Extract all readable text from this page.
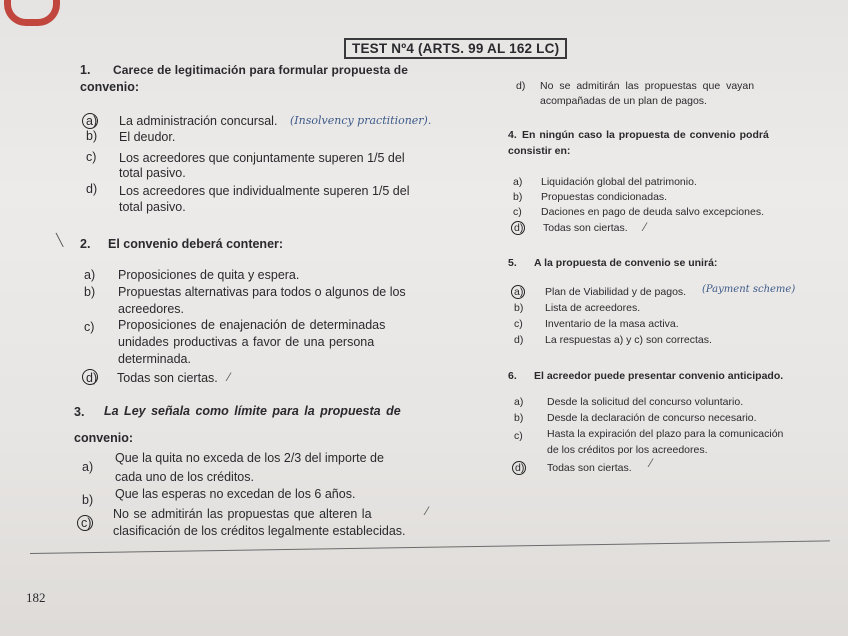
TEST Nº4 (ARTS. 99 AL 162 LC)
1. Carece de legitimación para formular propuesta de
convenio:
a) La administración concursal. (Insolvency practitioner).
b) El deudor.
c) Los acreedores que conjuntamente superen 1/5 del
total pasivo.
d) Los acreedores que individualmente superen 1/5 del
total pasivo.
╲ 2. El convenio deberá contener:
a) Proposiciones de quita y espera.
b) Propuestas alternativas para todos o algunos de los
acreedores.
c) Proposiciones de enajenación de determinadas
unidades productivas a favor de una persona
determinada.
d) Todas son ciertas. ⁄
3. La Ley señala como límite para la propuesta de
convenio:
a)
Que la quita no exceda de los 2/3 del importe de
cada uno de los créditos.
b) Que las esperas no excedan de los 6 años.
c)
No se admitirán las propuestas que alteren la
clasificación de los créditos legalmente establecidas.
⁄
d) No se admitirán las propuestas que vayan
acompañadas de un plan de pagos.
4. En ningún caso la propuesta de convenio podrá
consistir en:
a) Liquidación global del patrimonio.
b) Propuestas condicionadas.
c) Daciones en pago de deuda salvo excepciones.
d) Todas son ciertas. ⁄
5. A la propuesta de convenio se unirá:
a) Plan de Viabilidad y de pagos. (Payment scheme)
b) Lista de acreedores.
c) Inventario de la masa activa.
d) La respuestas a) y c) son correctas.
6. El acreedor puede presentar convenio anticipado.
a) Desde la solicitud del concurso voluntario.
b) Desde la declaración de concurso necesario.
c) Hasta la expiración del plazo para la comunicación
de los créditos por los acreedores.
d) Todas son ciertas. ⁄
182
